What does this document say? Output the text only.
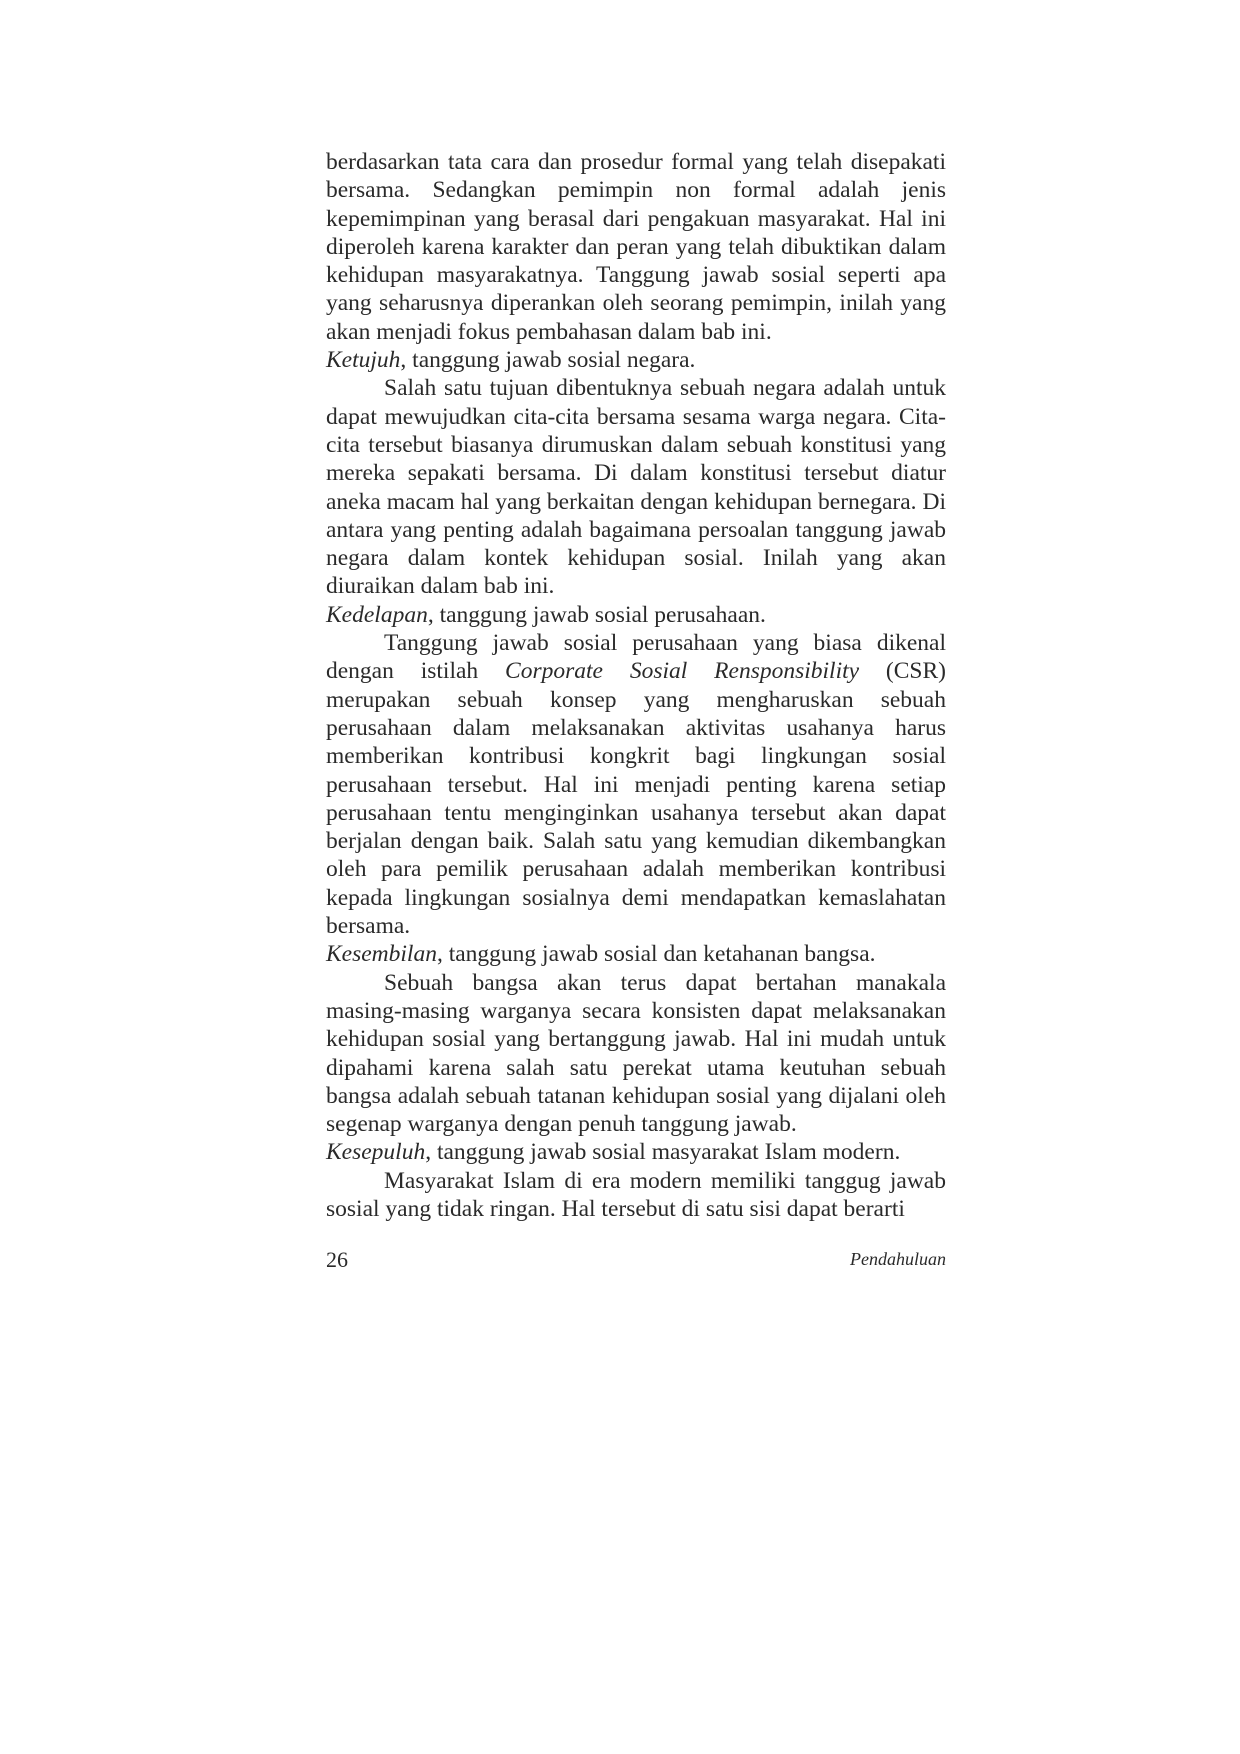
berdasarkan tata cara dan prosedur formal yang telah disepakati bersama. Sedangkan pemimpin non formal adalah jenis kepemimpinan yang berasal dari pengakuan masyarakat. Hal ini diperoleh karena karakter dan peran yang telah dibuktikan dalam kehidupan masyarakatnya. Tanggung jawab sosial seperti apa yang seharusnya diperankan oleh seorang pemimpin, inilah yang akan menjadi fokus pembahasan dalam bab ini.

Ketujuh, tanggung jawab sosial negara.

Salah satu tujuan dibentuknya sebuah negara adalah untuk dapat mewujudkan cita-cita bersama sesama warga negara. Cita-cita tersebut biasanya dirumuskan dalam sebuah konstitusi yang mereka sepakati bersama. Di dalam konstitusi tersebut diatur aneka macam hal yang berkaitan dengan kehidupan bernegara. Di antara yang penting adalah bagaimana persoalan tanggung jawab negara dalam kontek kehidupan sosial. Inilah yang akan diuraikan dalam bab ini.

Kedelapan, tanggung jawab sosial perusahaan.

Tanggung jawab sosial perusahaan yang biasa dikenal dengan istilah Corporate Sosial Rensponsibility (CSR) merupakan sebuah konsep yang mengharuskan sebuah perusahaan dalam melaksanakan aktivitas usahanya harus memberikan kontribusi kongkrit bagi lingkungan sosial perusahaan tersebut. Hal ini menjadi penting karena setiap perusahaan tentu menginginkan usahanya tersebut akan dapat berjalan dengan baik. Salah satu yang kemudian dikembangkan oleh para pemilik perusahaan adalah memberikan kontribusi kepada lingkungan sosialnya demi mendapatkan kemaslahatan bersama.

Kesembilan, tanggung jawab sosial dan ketahanan bangsa.

Sebuah bangsa akan terus dapat bertahan manakala masing-masing warganya secara konsisten dapat melaksanakan kehidupan sosial yang bertanggung jawab. Hal ini mudah untuk dipahami karena salah satu perekat utama keutuhan sebuah bangsa adalah sebuah tatanan kehidupan sosial yang dijalani oleh segenap warganya dengan penuh tanggung jawab.

Kesepuluh, tanggung jawab sosial masyarakat Islam modern.

Masyarakat Islam di era modern memiliki tanggug jawab sosial yang tidak ringan. Hal tersebut di satu sisi dapat berarti

26	Pendahuluan
